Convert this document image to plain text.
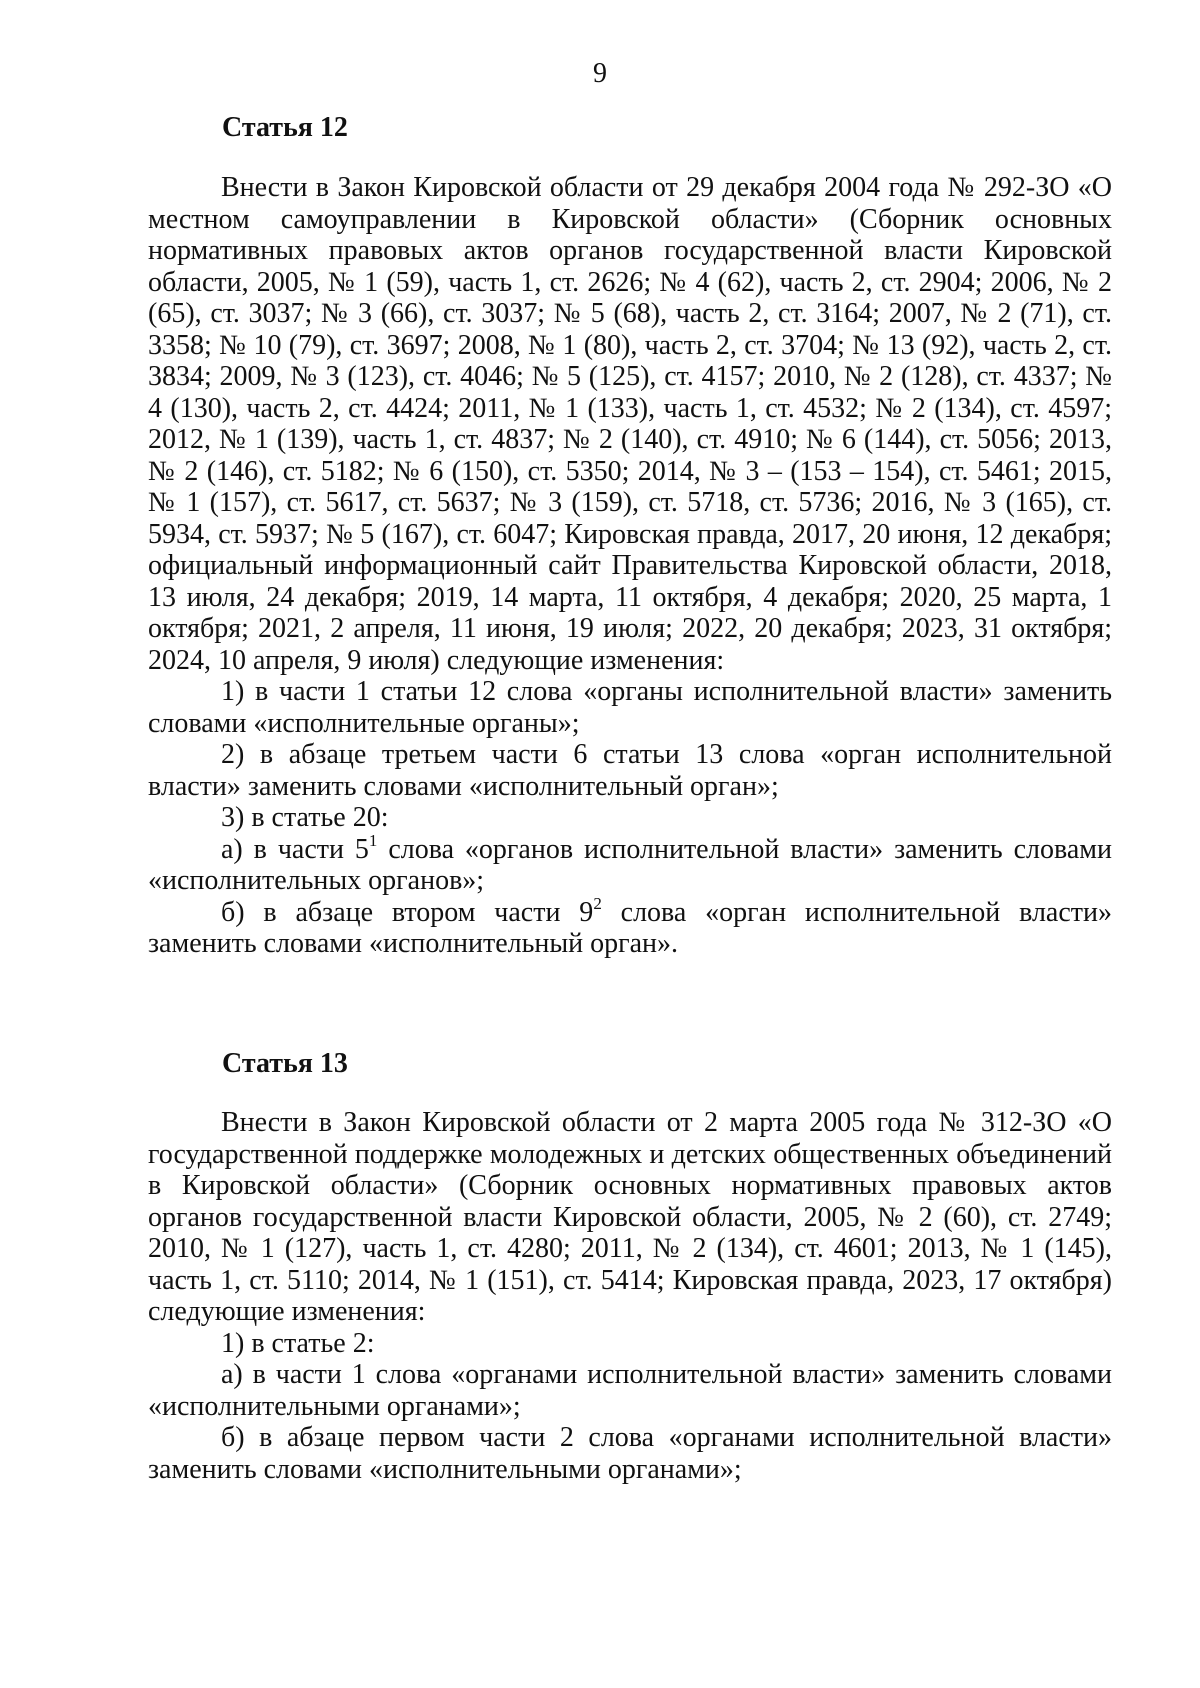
9
Статья 12

Внести в Закон Кировской области от 29 декабря 2004 года № 292-ЗО «О местном самоуправлении в Кировской области» (Сборник основных нормативных правовых актов органов государственной власти Кировской области, 2005, № 1 (59), часть 1, ст. 2626; № 4 (62), часть 2, ст. 2904; 2006, № 2 (65), ст. 3037; № 3 (66), ст. 3037; № 5 (68), часть 2, ст. 3164; 2007, № 2 (71), ст. 3358; № 10 (79), ст. 3697; 2008, № 1 (80), часть 2, ст. 3704; № 13 (92), часть 2, ст. 3834; 2009, № 3 (123), ст. 4046; № 5 (125), ст. 4157; 2010, № 2 (128), ст. 4337; № 4 (130), часть 2, ст. 4424; 2011, № 1 (133), часть 1, ст. 4532; № 2 (134), ст. 4597; 2012, № 1 (139), часть 1, ст. 4837; № 2 (140), ст. 4910; № 6 (144), ст. 5056; 2013, № 2 (146), ст. 5182; № 6 (150), ст. 5350; 2014, № 3 – (153 – 154), ст. 5461; 2015, № 1 (157), ст. 5617, ст. 5637; № 3 (159), ст. 5718, ст. 5736; 2016, № 3 (165), ст. 5934, ст. 5937; № 5 (167), ст. 6047; Кировская правда, 2017, 20 июня, 12 декабря; официальный информационный сайт Правительства Кировской области, 2018, 13 июля, 24 декабря; 2019, 14 марта, 11 октября, 4 декабря; 2020, 25 марта, 1 октября; 2021, 2 апреля, 11 июня, 19 июля; 2022, 20 декабря; 2023, 31 октября; 2024, 10 апреля, 9 июля) следующие изменения:

1) в части 1 статьи 12 слова «органы исполнительной власти» заменить словами «исполнительные органы»;

2) в абзаце третьем части 6 статьи 13 слова «орган исполнительной власти» заменить словами «исполнительный орган»;

3) в статье 20:

а) в части $5^1$ слова «органов исполнительной власти» заменить словами «исполнительных органов»;

б) в абзаце втором части $9^2$ слова «орган исполнительной власти» заменить словами «исполнительный орган».

Статья 13

Внести в Закон Кировской области от 2 марта 2005 года № 312-ЗО «О государственной поддержке молодежных и детских общественных объединений в Кировской области» (Сборник основных нормативных правовых актов органов государственной власти Кировской области, 2005, № 2 (60), ст. 2749; 2010, № 1 (127), часть 1, ст. 4280; 2011, № 2 (134), ст. 4601; 2013, № 1 (145), часть 1, ст. 5110; 2014, № 1 (151), ст. 5414; Кировская правда, 2023, 17 октября) следующие изменения:

1) в статье 2:

а) в части 1 слова «органами исполнительной власти» заменить словами «исполнительными органами»;

б) в абзаце первом части 2 слова «органами исполнительной власти» заменить словами «исполнительными органами»;
